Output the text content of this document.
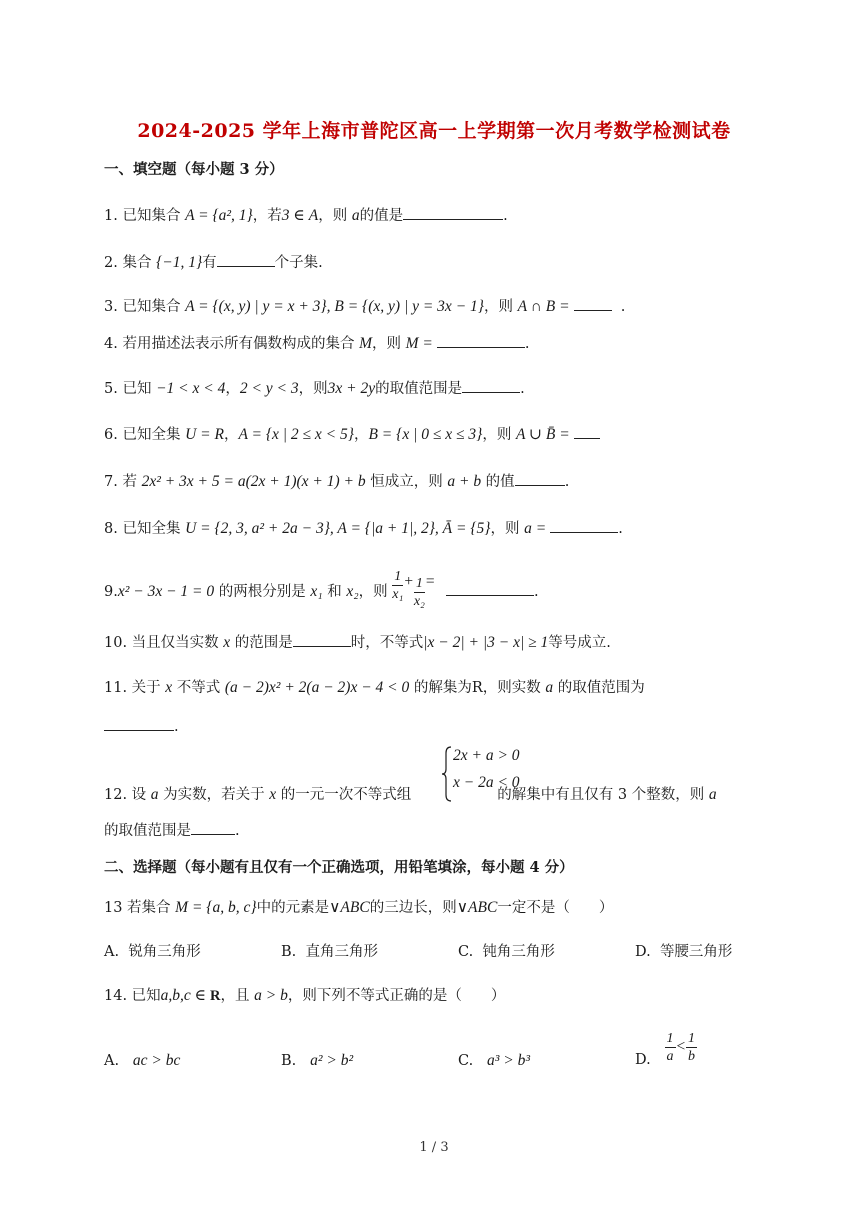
2024-2025 学年上海市普陀区高一上学期第一次月考数学检测试卷
一、填空题（每小题 3 分）
1. 已知集合 A = {a², 1}，若3 ∈ A，则 a的值是	.
2. 集合 {−1, 1}有	个子集.
3. 已知集合 A = {(x, y) | y = x + 3}, B = {(x, y) | y = 3x − 1}，则 A ∩ B =	.
4. 若用描述法表示所有偶数构成的集合 M，则 M =	.
5. 已知 −1 < x < 4，2 < y < 3，则3x + 2y的取值范围是	.
6. 已知全集 U = R，A = {x | 2 ≤ x < 5}，B = {x | 0 ≤ x ≤ 3}，则 A ∪ B̄ =
7. 若 2x² + 3x + 5 = a(2x + 1)(x + 1) + b 恒成立，则 a + b 的值	.
8. 已知全集 U = {2, 3, a² + 2a − 3}, A = {|a + 1|, 2}, Ā = {5}，则 a =	.
9.x² − 3x − 1 = 0 的两根分别是 x₁ 和 x₂，则 $\frac{1}{\text{x₁}} + \frac{1}{\text{x₂}}$ = .
10. 当且仅当实数 x 的范围是	时，不等式|x − 2| + |3 − x| ≥ 1等号成立.
11. 关于 x 不等式 (a − 2)x² + 2(a − 2)x − 4 < 0 的解集为R，则实数 a 的取值范围为
.
2x + a > 0
x − 2a < 0
12. 设 a 为实数，若关于 x 的一元一次不等式组	的解集中有且仅有 3 个整数，则 a
的取值范围是	.
二、选择题（每小题有且仅有一个正确选项，用铅笔填涂，每小题 4 分）
13 若集合 M = {a, b, c}中的元素是∨ABC的三边长，则∨ABC一定不是（　　）
A. 锐角三角形	B. 直角三角形	C. 钝角三角形	D. 等腰三角形
14. 已知a,b,c ∈ R，且 a > b，则下列不等式正确的是（　　）
A. ac > bc	B. a² > b²	C. a³ > b³	D. $\frac{1}{a} < \frac{1}{b}$
1 / 3
